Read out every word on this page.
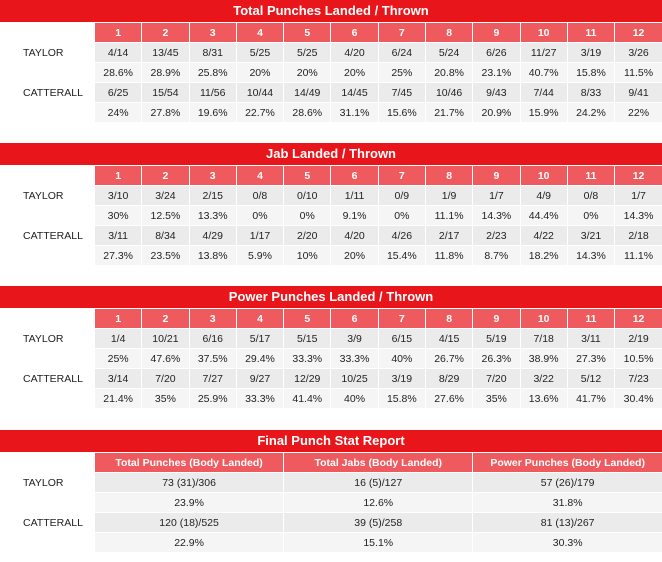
Total Punches Landed / Thrown
	1	2	3	4	5	6	7	8	9	10	11	12
TAYLOR	4/14	13/45	8/31	5/25	5/25	4/20	6/24	5/24	6/26	11/27	3/19	3/26
	28.6%	28.9%	25.8%	20%	20%	20%	25%	20.8%	23.1%	40.7%	15.8%	11.5%
CATTERALL	6/25	15/54	11/56	10/44	14/49	14/45	7/45	10/46	9/43	7/44	8/33	9/41
	24%	27.8%	19.6%	22.7%	28.6%	31.1%	15.6%	21.7%	20.9%	15.9%	24.2%	22%
Jab Landed / Thrown
	1	2	3	4	5	6	7	8	9	10	11	12
TAYLOR	3/10	3/24	2/15	0/8	0/10	1/11	0/9	1/9	1/7	4/9	0/8	1/7
	30%	12.5%	13.3%	0%	0%	9.1%	0%	11.1%	14.3%	44.4%	0%	14.3%
CATTERALL	3/11	8/34	4/29	1/17	2/20	4/20	4/26	2/17	2/23	4/22	3/21	2/18
	27.3%	23.5%	13.8%	5.9%	10%	20%	15.4%	11.8%	8.7%	18.2%	14.3%	11.1%
Power Punches Landed / Thrown
	1	2	3	4	5	6	7	8	9	10	11	12
TAYLOR	1/4	10/21	6/16	5/17	5/15	3/9	6/15	4/15	5/19	7/18	3/11	2/19
	25%	47.6%	37.5%	29.4%	33.3%	33.3%	40%	26.7%	26.3%	38.9%	27.3%	10.5%
CATTERALL	3/14	7/20	7/27	9/27	12/29	10/25	3/19	8/29	7/20	3/22	5/12	7/23
	21.4%	35%	25.9%	33.3%	41.4%	40%	15.8%	27.6%	35%	13.6%	41.7%	30.4%
Final Punch Stat Report
	Total Punches (Body Landed)	Total Jabs (Body Landed)	Power Punches (Body Landed)
TAYLOR	73 (31)/306	16 (5)/127	57 (26)/179
	23.9%	12.6%	31.8%
CATTERALL	120 (18)/525	39 (5)/258	81 (13)/267
	22.9%	15.1%	30.3%
